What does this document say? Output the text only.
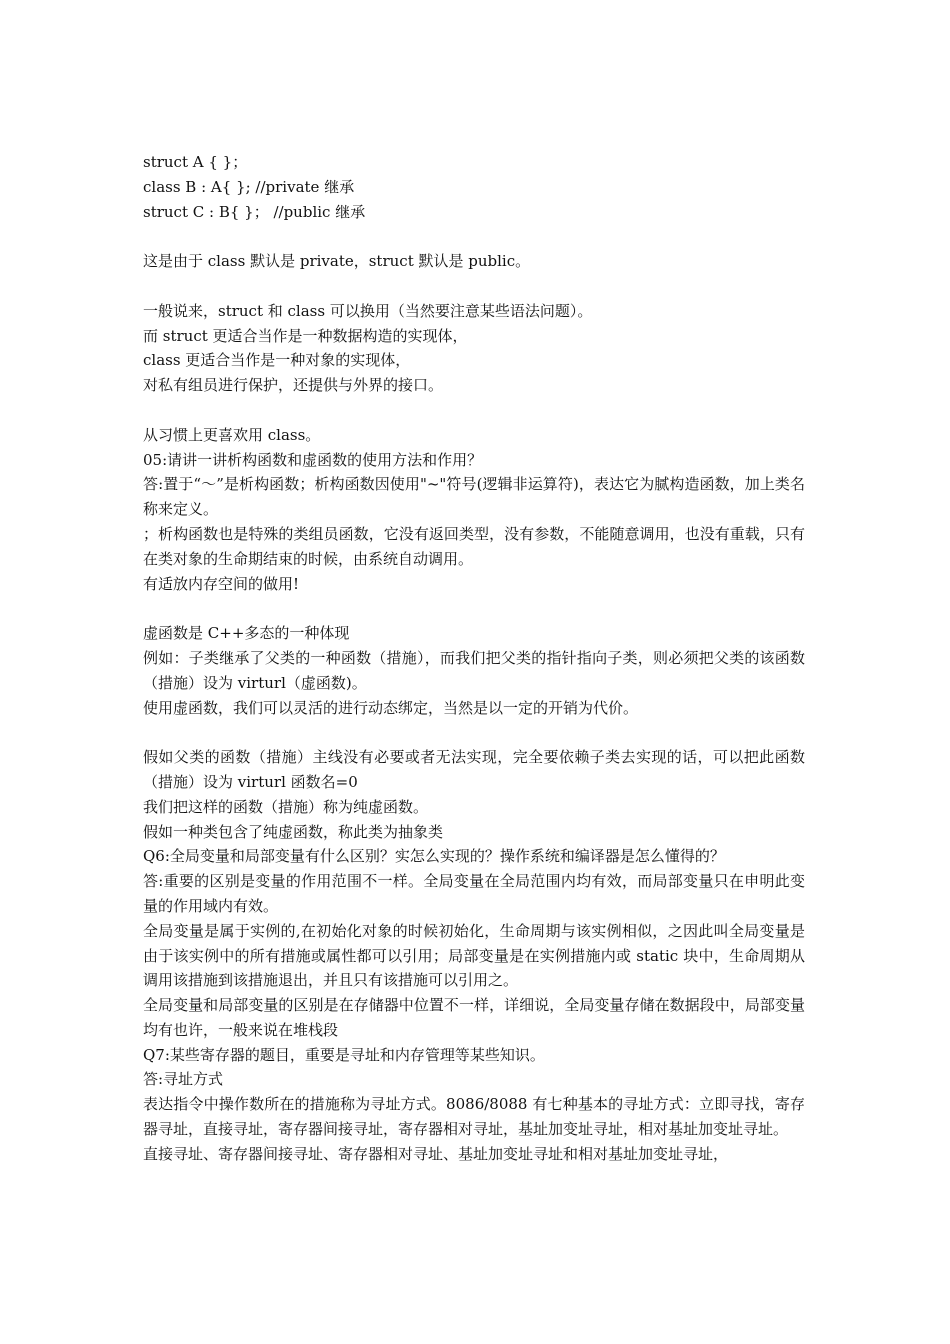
struct A { }；

class B : A{ }; //private 继承

struct C : B{ }； //public 继承

这是由于 class 默认是 private，struct 默认是 public。

一般说来，struct 和 class 可以换用（当然要注意某些语法问题）。

而 struct 更适合当作是一种数据构造的实现体，

class 更适合当作是一种对象的实现体，

对私有组员进行保护，还提供与外界的接口。

从习惯上更喜欢用 class。

05:请讲一讲析构函数和虚函数的使用方法和作用？

答:置于“～”是析构函数；析构函数因使用"~"符号(逻辑非运算符)，表达它为腻构造函数，加上类名称来定义。

；析构函数也是特殊的类组员函数，它没有返回类型，没有参数，不能随意调用，也没有重载，只有在类对象的生命期结束的时候，由系统自动调用。

有适放内存空间的做用!

虚函数是 C++多态的一种体现

例如：子类继承了父类的一种函数（措施），而我们把父类的指针指向子类，则必须把父类的该函数（措施）设为 virturl（虚函数)。

使用虚函数，我们可以灵活的进行动态绑定，当然是以一定的开销为代价。

假如父类的函数（措施）主线没有必要或者无法实现，完全要依赖子类去实现的话，可以把此函数（措施）设为 virturl 函数名=0

我们把这样的函数（措施）称为纯虚函数。

假如一种类包含了纯虚函数，称此类为抽象类

Q6:全局变量和局部变量有什么区别？实怎么实现的？操作系统和编译器是怎么懂得的？

答:重要的区别是变量的作用范围不一样。全局变量在全局范围内均有效，而局部变量只在申明此变量的作用域内有效。

全局变量是属于实例的,在初始化对象的时候初始化，生命周期与该实例相似，之因此叫全局变量是由于该实例中的所有措施或属性都可以引用；局部变量是在实例措施内或 static 块中，生命周期从调用该措施到该措施退出，并且只有该措施可以引用之。

全局变量和局部变量的区别是在存储器中位置不一样，详细说，全局变量存储在数据段中，局部变量均有也许，一般来说在堆栈段

Q7:某些寄存器的题目，重要是寻址和内存管理等某些知识。

答:寻址方式

表达指令中操作数所在的措施称为寻址方式。8086/8088 有七种基本的寻址方式：立即寻找，寄存器寻址，直接寻址，寄存器间接寻址，寄存器相对寻址，基址加变址寻址，相对基址加变址寻址。

直接寻址、寄存器间接寻址、寄存器相对寻址、基址加变址寻址和相对基址加变址寻址，
